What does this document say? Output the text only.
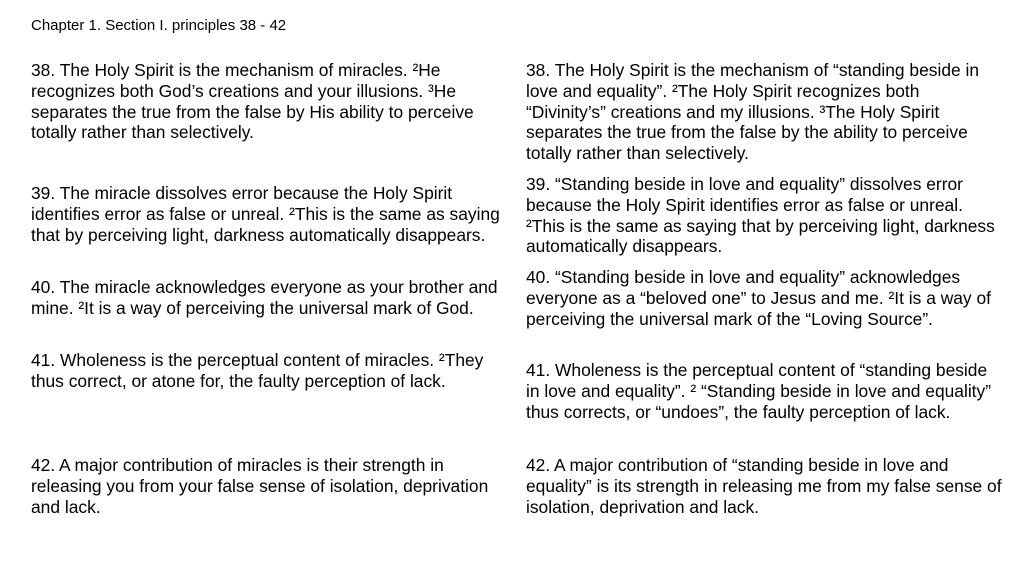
Chapter 1. Section I. principles 38 - 42

38. The Holy Spirit is the mechanism of miracles. ²He recognizes both God’s creations and your illusions. ³He separates the true from the false by His ability to perceive totally rather than selectively.

39. The miracle dissolves error because the Holy Spirit identifies error as false or unreal. ²This is the same as saying that by perceiving light, darkness automatically disappears.

40. The miracle acknowledges everyone as your brother and mine. ²It is a way of perceiving the universal mark of God.

41. Wholeness is the perceptual content of miracles. ²They thus correct, or atone for, the faulty perception of lack.

42. A major contribution of miracles is their strength in releasing you from your false sense of isolation, deprivation and lack.

38. The Holy Spirit is the mechanism of “standing beside in love and equality”. ²The Holy Spirit recognizes both “Divinity’s” creations and my illusions. ³The Holy Spirit separates the true from the false by the ability to perceive totally rather than selectively.

39. “Standing beside in love and equality” dissolves error because the Holy Spirit identifies error as false or unreal. ²This is the same as saying that by perceiving light, darkness automatically disappears.

40. “Standing beside in love and equality” acknowledges everyone as a “beloved one” to Jesus and me. ²It is a way of perceiving the universal mark of the “Loving Source”.

41. Wholeness is the perceptual content of “standing beside in love and equality”. ² “Standing beside in love and equality” thus corrects, or “undoes”, the faulty perception of lack.

42. A major contribution of “standing beside in love and equality” is its strength in releasing me from my false sense of isolation, deprivation and lack.
